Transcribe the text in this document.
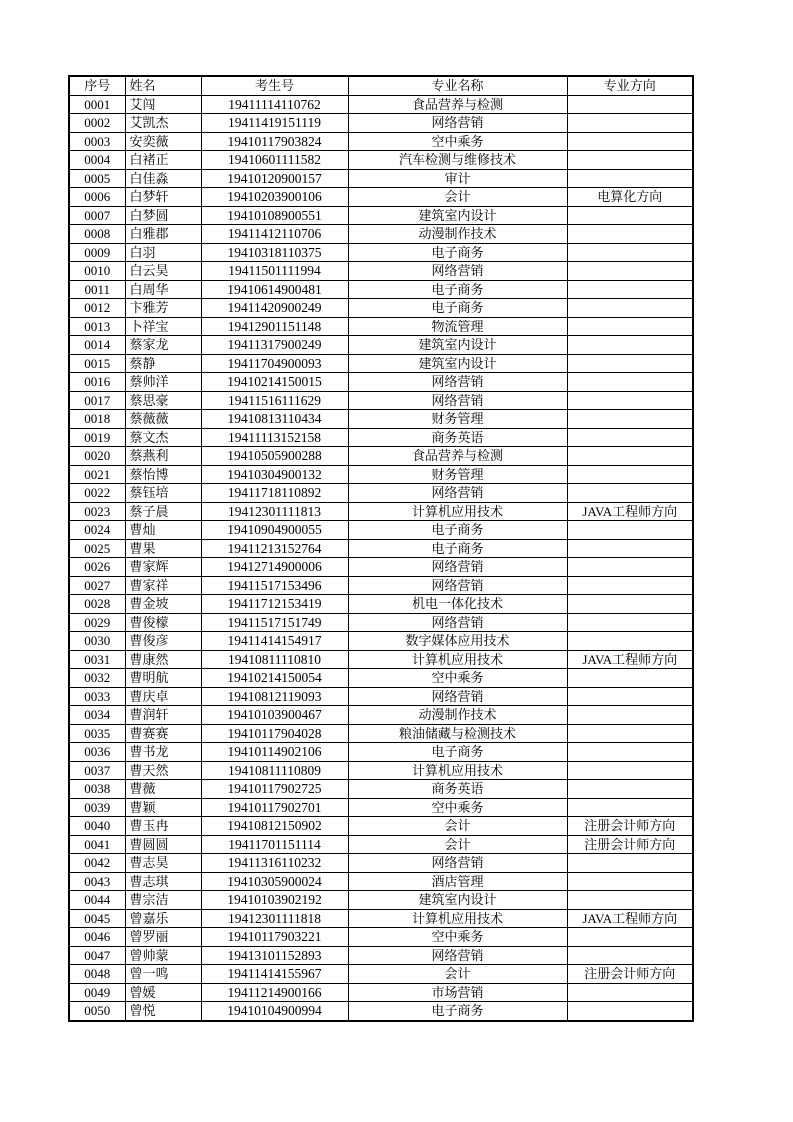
序号	姓名	考生号	专业名称	专业方向
0001	艾闯	19411114110762	食品营养与检测	
0002	艾凯杰	19411419151119	网络营销	
0003	安奕薇	19410117903824	空中乘务	
0004	白褚正	19410601111582	汽车检测与维修技术	
0005	白佳淼	19410120900157	审计	
0006	白梦轩	19410203900106	会计	电算化方向
0007	白梦圆	19410108900551	建筑室内设计	
0008	白雅郡	19411412110706	动漫制作技术	
0009	白羽	19410318110375	电子商务	
0010	白云昊	19411501111994	网络营销	
0011	白周华	19410614900481	电子商务	
0012	卞雅芳	19411420900249	电子商务	
0013	卜祥宝	19412901151148	物流管理	
0014	蔡家龙	19411317900249	建筑室内设计	
0015	蔡静	19411704900093	建筑室内设计	
0016	蔡帅洋	19410214150015	网络营销	
0017	蔡思豪	19411516111629	网络营销	
0018	蔡薇薇	19410813110434	财务管理	
0019	蔡文杰	19411113152158	商务英语	
0020	蔡燕利	19410505900288	食品营养与检测	
0021	蔡怡博	19410304900132	财务管理	
0022	蔡钰培	19411718110892	网络营销	
0023	蔡子晨	19412301111813	计算机应用技术	JAVA工程师方向
0024	曹灿	19410904900055	电子商务	
0025	曹果	19411213152764	电子商务	
0026	曹家辉	19412714900006	网络营销	
0027	曹家祥	19411517153496	网络营销	
0028	曹金坡	19411712153419	机电一体化技术	
0029	曹俊檬	19411517151749	网络营销	
0030	曹俊彦	19411414154917	数字媒体应用技术	
0031	曹康然	19410811110810	计算机应用技术	JAVA工程师方向
0032	曹明航	19410214150054	空中乘务	
0033	曹庆卓	19410812119093	网络营销	
0034	曹润轩	19410103900467	动漫制作技术	
0035	曹赛赛	19410117904028	粮油储藏与检测技术	
0036	曹书龙	19410114902106	电子商务	
0037	曹天然	19410811110809	计算机应用技术	
0038	曹薇	19410117902725	商务英语	
0039	曹颖	19410117902701	空中乘务	
0040	曹玉冉	19410812150902	会计	注册会计师方向
0041	曹圆圆	19411701151114	会计	注册会计师方向
0042	曹志昊	19411316110232	网络营销	
0043	曹志琪	19410305900024	酒店管理	
0044	曹宗洁	19410103902192	建筑室内设计	
0045	曾嘉乐	19412301111818	计算机应用技术	JAVA工程师方向
0046	曾罗丽	19410117903221	空中乘务	
0047	曾帅蒙	19413101152893	网络营销	
0048	曾一鸣	19411414155967	会计	注册会计师方向
0049	曾媛	19411214900166	市场营销	
0050	曾悦	19410104900994	电子商务	
